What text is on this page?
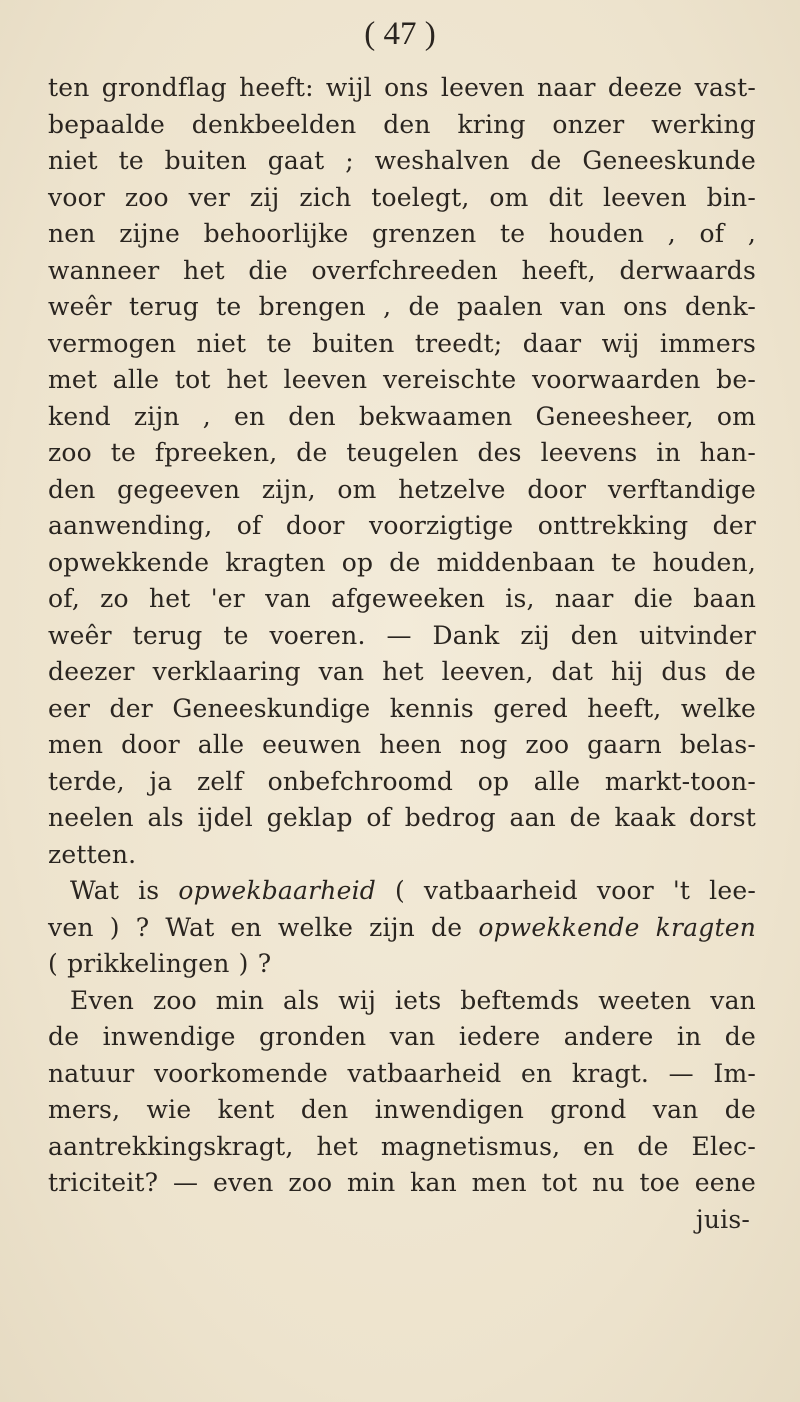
( 47 )
ten grondflag heeft: wijl ons leeven naar deeze vast-
bepaalde denkbeelden den kring onzer werking
niet te buiten gaat ; weshalven de Geneeskunde
voor zoo ver zij zich toelegt, om dit leeven bin-
nen zijne behoorlijke grenzen te houden , of ,
wanneer het die overfchreeden heeft, derwaards
weêr terug te brengen , de paalen van ons denk-
vermogen niet te buiten treedt; daar wij immers
met alle tot het leeven vereischte voorwaarden be-
kend zijn , en den bekwaamen Geneesheer, om
zoo te fpreeken, de teugelen des leevens in han-
den gegeeven zijn, om hetzelve door verftandige
aanwending, of door voorzigtige onttrekking der
opwekkende kragten op de middenbaan te houden,
of, zo het 'er van afgeweeken is, naar die baan
weêr terug te voeren. — Dank zij den uitvinder
deezer verklaaring van het leeven, dat hij dus de
eer der Geneeskundige kennis gered heeft, welke
men door alle eeuwen heen nog zoo gaarn belas-
terde, ja zelf onbefchroomd op alle markt-toon-
neelen als ijdel geklap of bedrog aan de kaak dorst
zetten.
Wat is opwekbaarheid ( vatbaarheid voor 't lee-
ven ) ? Wat en welke zijn de opwekkende kragten
( prikkelingen ) ?
Even zoo min als wij iets beftemds weeten van
de inwendige gronden van iedere andere in de
natuur voorkomende vatbaarheid en kragt. — Im-
mers, wie kent den inwendigen grond van de
aantrekkingskragt, het magnetismus, en de Elec-
triciteit? — even zoo min kan men tot nu toe eene
juis-
